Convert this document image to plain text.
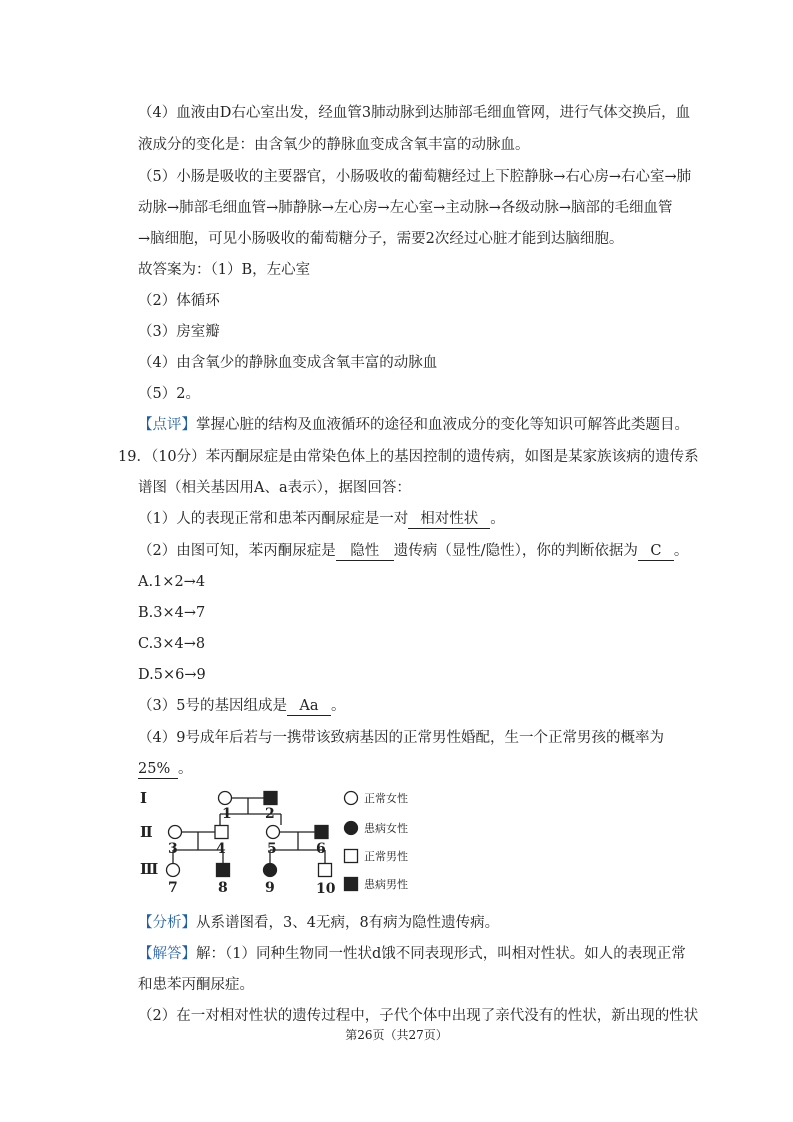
（4）血液由D右心室出发，经血管3肺动脉到达肺部毛细血管网，进行气体交换后，血
液成分的变化是：由含氧少的静脉血变成含氧丰富的动脉血。
（5）小肠是吸收的主要器官，小肠吸收的葡萄糖经过上下腔静脉→右心房→右心室→肺
动脉→肺部毛细血管→肺静脉→左心房→左心室→主动脉→各级动脉→脑部的毛细血管
→脑细胞，可见小肠吸收的葡萄糖分子，需要2次经过心脏才能到达脑细胞。
故答案为：（1）B，左心室
（2）体循环
（3）房室瓣
（4）由含氧少的静脉血变成含氧丰富的动脉血
（5）2。
【点评】掌握心脏的结构及血液循环的途径和血液成分的变化等知识可解答此类题目。
19．（10分）苯丙酮尿症是由常染色体上的基因控制的遗传病，如图是某家族该病的遗传系
谱图（相关基因用A、a表示），据图回答：
（1）人的表现正常和患苯丙酮尿症是一对 相对性状 。
（2）由图可知，苯丙酮尿症是 隐性 遗传病（显性/隐性），你的判断依据为 C 。
A.1×2→4
B.3×4→7
C.3×4→8
D.5×6→9
（3）5号的基因组成是 Aa 。
（4）9号成年后若与一携带该致病基因的正常男性婚配，生一个正常男孩的概率为
25% 。
Ⅰ
Ⅱ
Ⅲ
1 2
3	4	5	6
7	8	9	10
正常女性
患病女性
正常男性
患病男性
【分析】从系谱图看，3、4无病，8有病为隐性遗传病。
【解答】解：（1）同种生物同一性状d饿不同表现形式，叫相对性状。如人的表现正常
和患苯丙酮尿症。
（2）在一对相对性状的遗传过程中，子代个体中出现了亲代没有的性状，新出现的性状
第26页（共27页）
